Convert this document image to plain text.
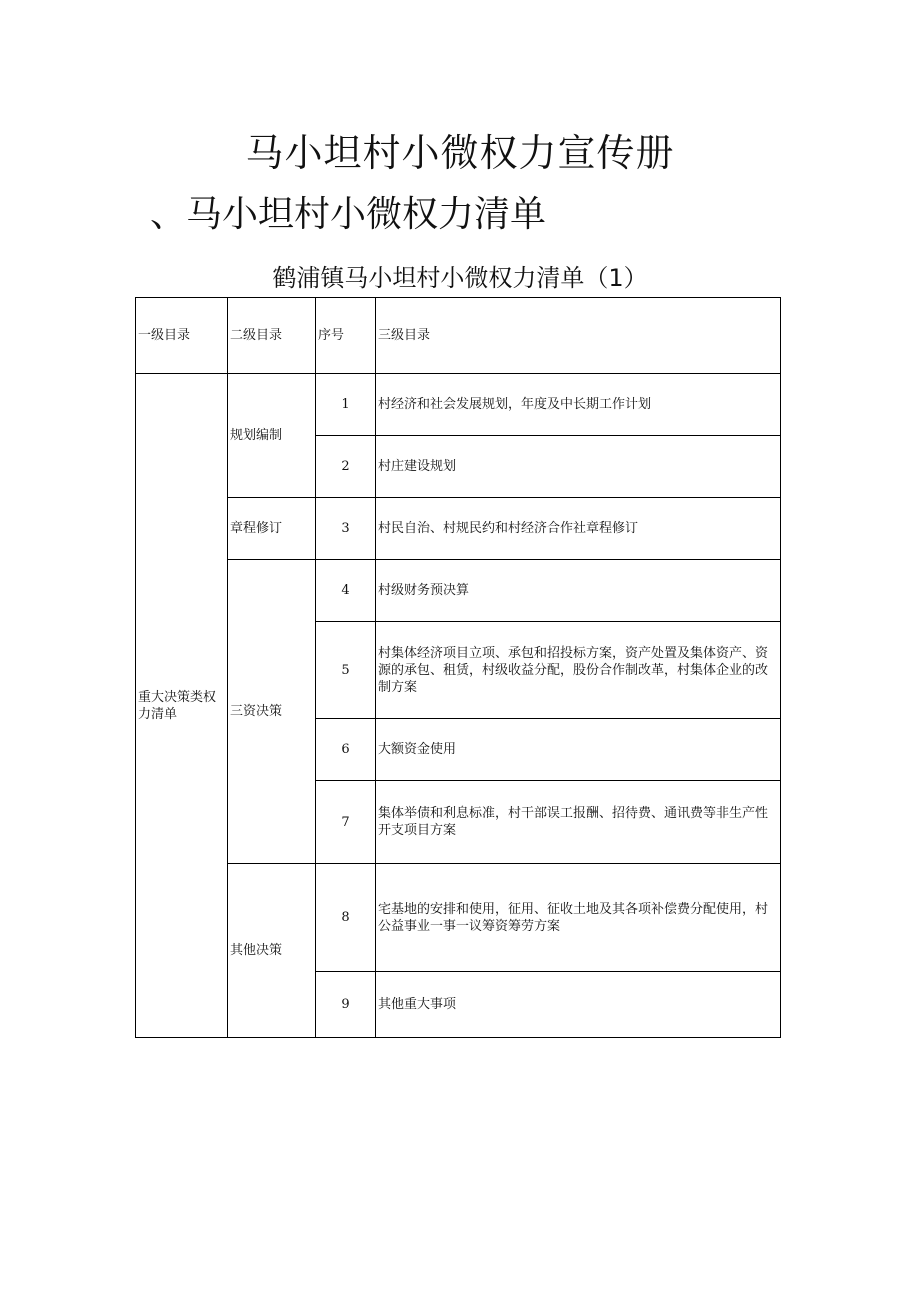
马小坦村小微权力宣传册
、马小坦村小微权力清单
鹤浦镇马小坦村小微权力清单（1）
一级目录	二级目录	序号	三级目录
重大决策类权力清单	规划编制	1	村经济和社会发展规划，年度及中长期工作计划
		2	村庄建设规划
	章程修订	3	村民自治、村规民约和村经济合作社章程修订
	三资决策	4	村级财务预决算
		5	村集体经济项目立项、承包和招投标方案，资产处置及集体资产、资源的承包、租赁，村级收益分配，股份合作制改革，村集体企业的改制方案
		6	大额资金使用
		7	集体举债和利息标准，村干部误工报酬、招待费、通讯费等非生产性开支项目方案
	其他决策	8	宅基地的安排和使用，征用、征收土地及其各项补偿费分配使用，村公益事业一事一议筹资筹劳方案
		9	其他重大事项
